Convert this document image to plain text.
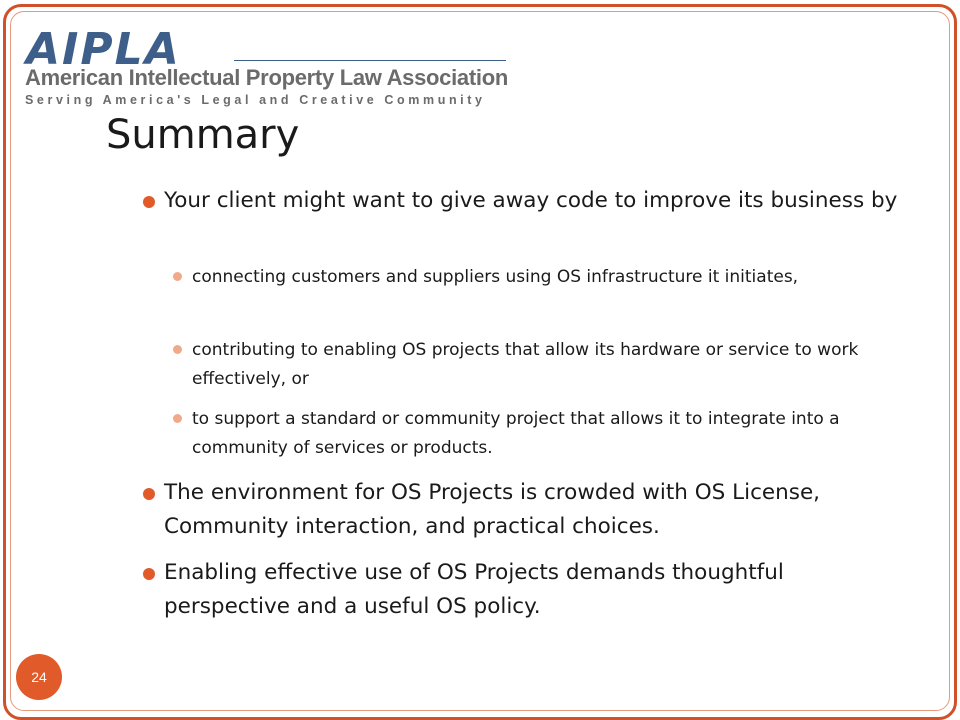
AIPLA
American Intellectual Property Law Association
Serving America's Legal and Creative Community
Summary
Your client might want to give away code to improve its business by
connecting customers and suppliers using OS infrastructure it initiates,
contributing to enabling OS projects that allow its hardware or service to work effectively, or
to support a standard or community project that allows it to integrate into a community of services or products.
The environment for OS Projects is crowded with OS License, Community interaction, and practical choices.
Enabling effective use of OS Projects demands thoughtful perspective and a useful OS policy.
24
